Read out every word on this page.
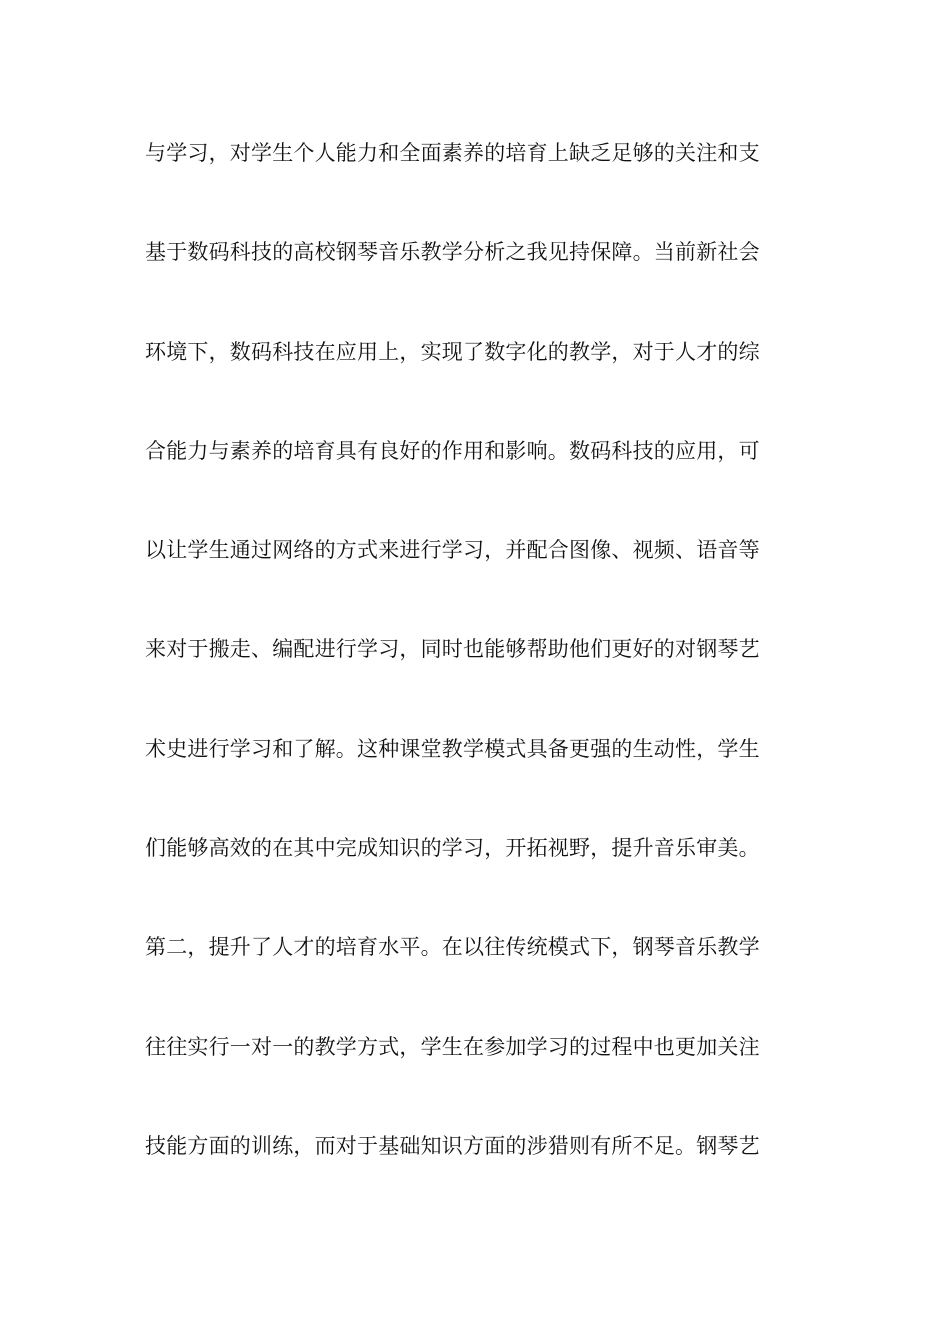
与学习，对学生个人能力和全面素养的培育上缺乏足够的关注和支
基于数码科技的高校钢琴音乐教学分析之我见持保障。当前新社会
环境下，数码科技在应用上，实现了数字化的教学，对于人才的综
合能力与素养的培育具有良好的作用和影响。数码科技的应用，可
以让学生通过网络的方式来进行学习，并配合图像、视频、语音等
来对于搬走、编配进行学习，同时也能够帮助他们更好的对钢琴艺
术史进行学习和了解。这种课堂教学模式具备更强的生动性，学生
们能够高效的在其中完成知识的学习，开拓视野，提升音乐审美。
第二，提升了人才的培育水平。在以往传统模式下，钢琴音乐教学
往往实行一对一的教学方式，学生在参加学习的过程中也更加关注
技能方面的训练，而对于基础知识方面的涉猎则有所不足。钢琴艺
